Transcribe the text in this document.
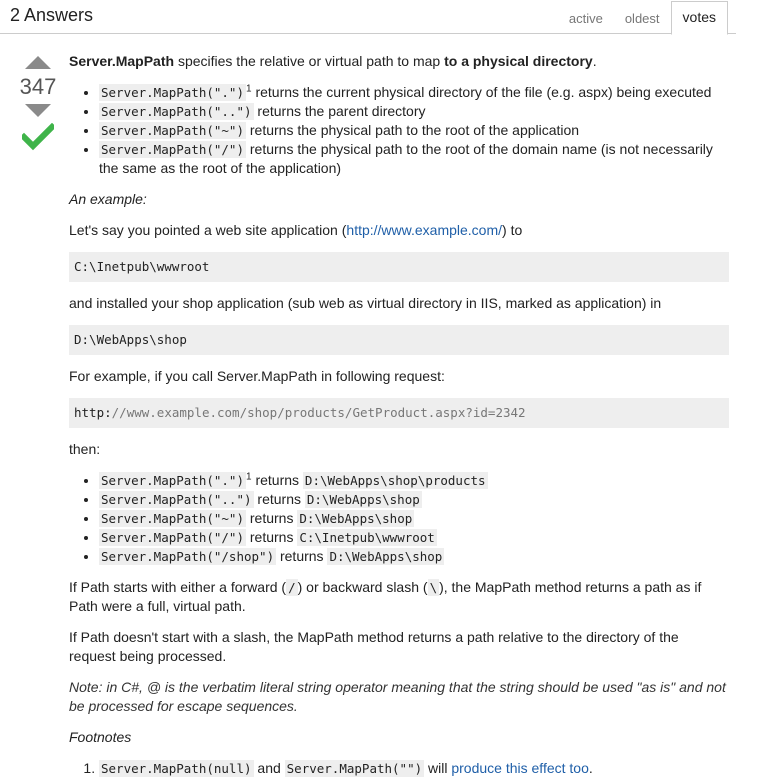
2 Answers	active	oldest	votes
347

Server.MapPath specifies the relative or virtual path to map to a physical directory.

• Server.MapPath(".") $^1$ returns the current physical directory of the file (e.g. aspx) being executed
• Server.MapPath("..") returns the parent directory
• Server.MapPath("~") returns the physical path to the root of the application
• Server.MapPath("/") returns the physical path to the root of the domain name (is not necessarily the same as the root of the application)

An example:

Let's say you pointed a web site application (http://www.example.com/) to

C:\Inetpub\wwwroot

and installed your shop application (sub web as virtual directory in IIS, marked as application) in

D:\WebApps\shop

For example, if you call Server.MapPath in following request:

http://www.example.com/shop/products/GetProduct.aspx?id=2342

then:

• Server.MapPath(".") $^1$ returns D:\WebApps\shop\products
• Server.MapPath("..") returns D:\WebApps\shop
• Server.MapPath("~") returns D:\WebApps\shop
• Server.MapPath("/") returns C:\Inetpub\wwwroot
• Server.MapPath("/shop") returns D:\WebApps\shop

If Path starts with either a forward ( / ) or backward slash ( \ ), the MapPath method returns a path as if Path were a full, virtual path.

If Path doesn't start with a slash, the MapPath method returns a path relative to the directory of the request being processed.

Note: in C#, @ is the verbatim literal string operator meaning that the string should be used "as is" and not be processed for escape sequences.

Footnotes

1. Server.MapPath(null) and Server.MapPath("") will produce this effect too.
